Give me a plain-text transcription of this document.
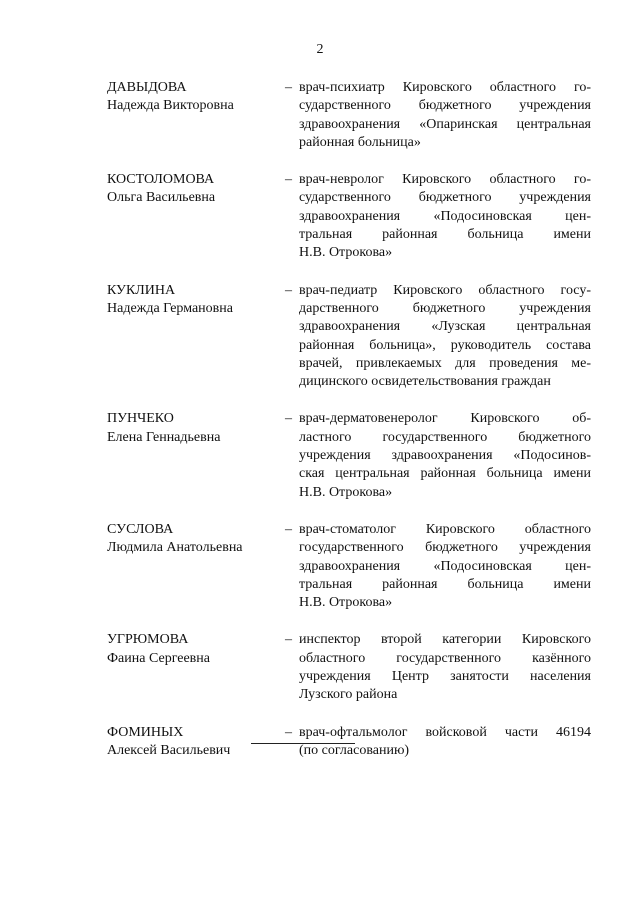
2
ДАВЫДОВА
Надежда Викторовна
– врач-психиатр Кировского областного го-
сударственного бюджетного учреждения
здравоохранения «Опаринская центральная
районная больница»
КОСТОЛОМОВА
Ольга Васильевна
– врач-невролог Кировского областного го-
сударственного бюджетного учреждения
здравоохранения «Подосиновская цен-
тральная районная больница имени
Н.В. Отрокова»
КУКЛИНА
Надежда Германовна
– врач-педиатр Кировского областного госу-
дарственного бюджетного учреждения
здравоохранения «Лузская центральная
районная больница», руководитель состава
врачей, привлекаемых для проведения ме-
дицинского освидетельствования граждан
ПУНЧЕКО
Елена Геннадьевна
– врач-дерматовенеролог Кировского об-
ластного государственного бюджетного
учреждения здравоохранения «Подосинов-
ская центральная районная больница имени
Н.В. Отрокова»
СУСЛОВА
Людмила Анатольевна
– врач-стоматолог Кировского областного
государственного бюджетного учреждения
здравоохранения «Подосиновская цен-
тральная районная больница имени
Н.В. Отрокова»
УГРЮМОВА
Фаина Сергеевна
– инспектор второй категории Кировского
областного государственного казённого
учреждения Центр занятости населения
Лузского района
ФОМИНЫХ
Алексей Васильевич
– врач-офтальмолог войсковой части 46194
(по согласованию)
